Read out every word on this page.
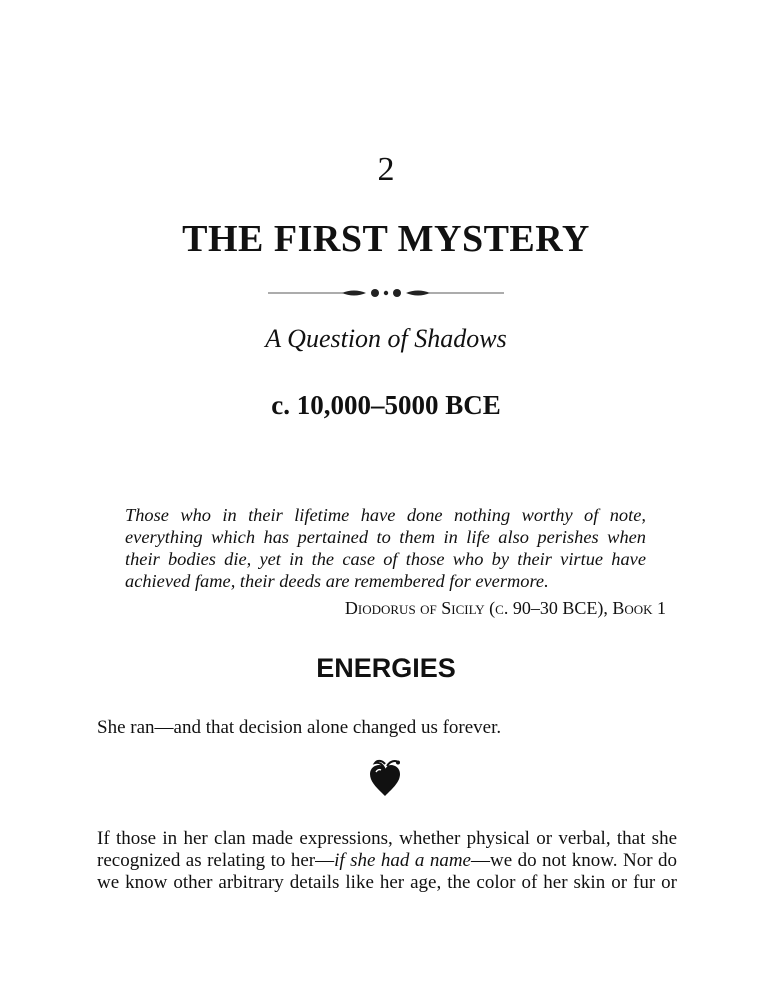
2
THE FIRST MYSTERY
A Question of Shadows
c. 10,000–5000 BCE
Those who in their lifetime have done nothing worthy of note, everything which has pertained to them in life also perishes when their bodies die, yet in the case of those who by their virtue have achieved fame, their deeds are remembered for evermore.
Diodorus of Sicily (c. 90–30 BCE), Book 1
ENERGIES
She ran—and that decision alone changed us forever.
If those in her clan made expressions, whether physical or verbal, that she
recognized as relating to her—if she had a name—we do not know. Nor do
we know other arbitrary details like her age, the color of her skin or fur or
